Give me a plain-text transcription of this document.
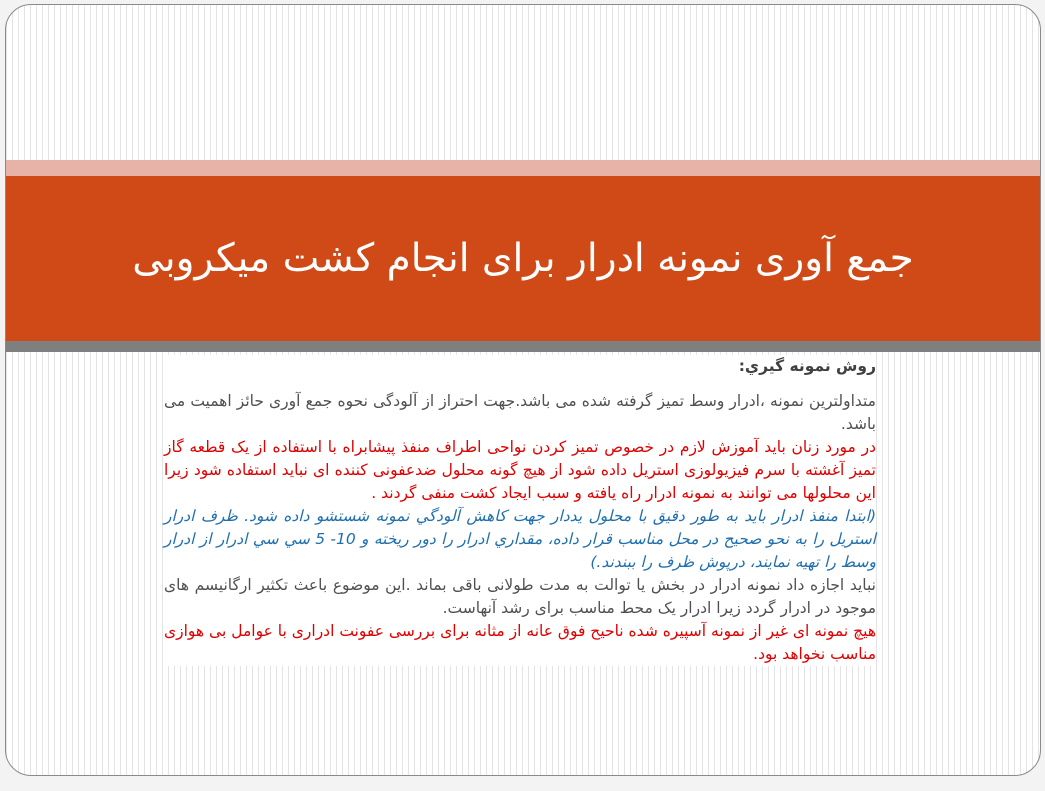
جمع آوری نمونه ادرار برای انجام کشت میکروبی

روش نمونه گيري:

متداولترین نمونه ،ادرار وسط تمیز گرفته شده می باشد.جهت احتراز از آلودگی نحوه جمع آوری حائز اهمیت می باشد.

در مورد زنان باید آموزش لازم در خصوص تمیز کردن نواحی اطراف منفذ پیشابراه با استفاده از یک قطعه گاز تمیز آغشته با سرم فیزیولوزی استریل داده شود از هیچ گونه محلول ضدعفونی کننده ای نباید استفاده شود زیرا این محلولها می توانند به نمونه ادرار راه یافته و سبب ایجاد کشت منفی گردند .

(ابتدا منفذ ادرار بايد به طور دقيق با محلول يددار جهت كاهش آلودگي نمونه شستشو داده شود. ظرف ادرار استريل را به نحو صحيح در محل مناسب قرار داده، مقداري ادرار را دور ريخته و 10- 5 سي سي ادرار از ادرار وسط را تهيه نمايند، درپوش ظرف را ببندند.)

نباید اجازه داد نمونه ادرار در بخش یا توالت به مدت طولانی باقی بماند .این موضوع باعث تکثیر ارگانیسم های موجود در ادرار گردد زیرا ادرار یک محط مناسب برای رشد آنهاست.

هیچ نمونه ای غیر از نمونه آسپیره شده ناحیح فوق عانه از مثانه برای بررسی عفونت ادراری با عوامل بی هوازی مناسب نخواهد بود.
